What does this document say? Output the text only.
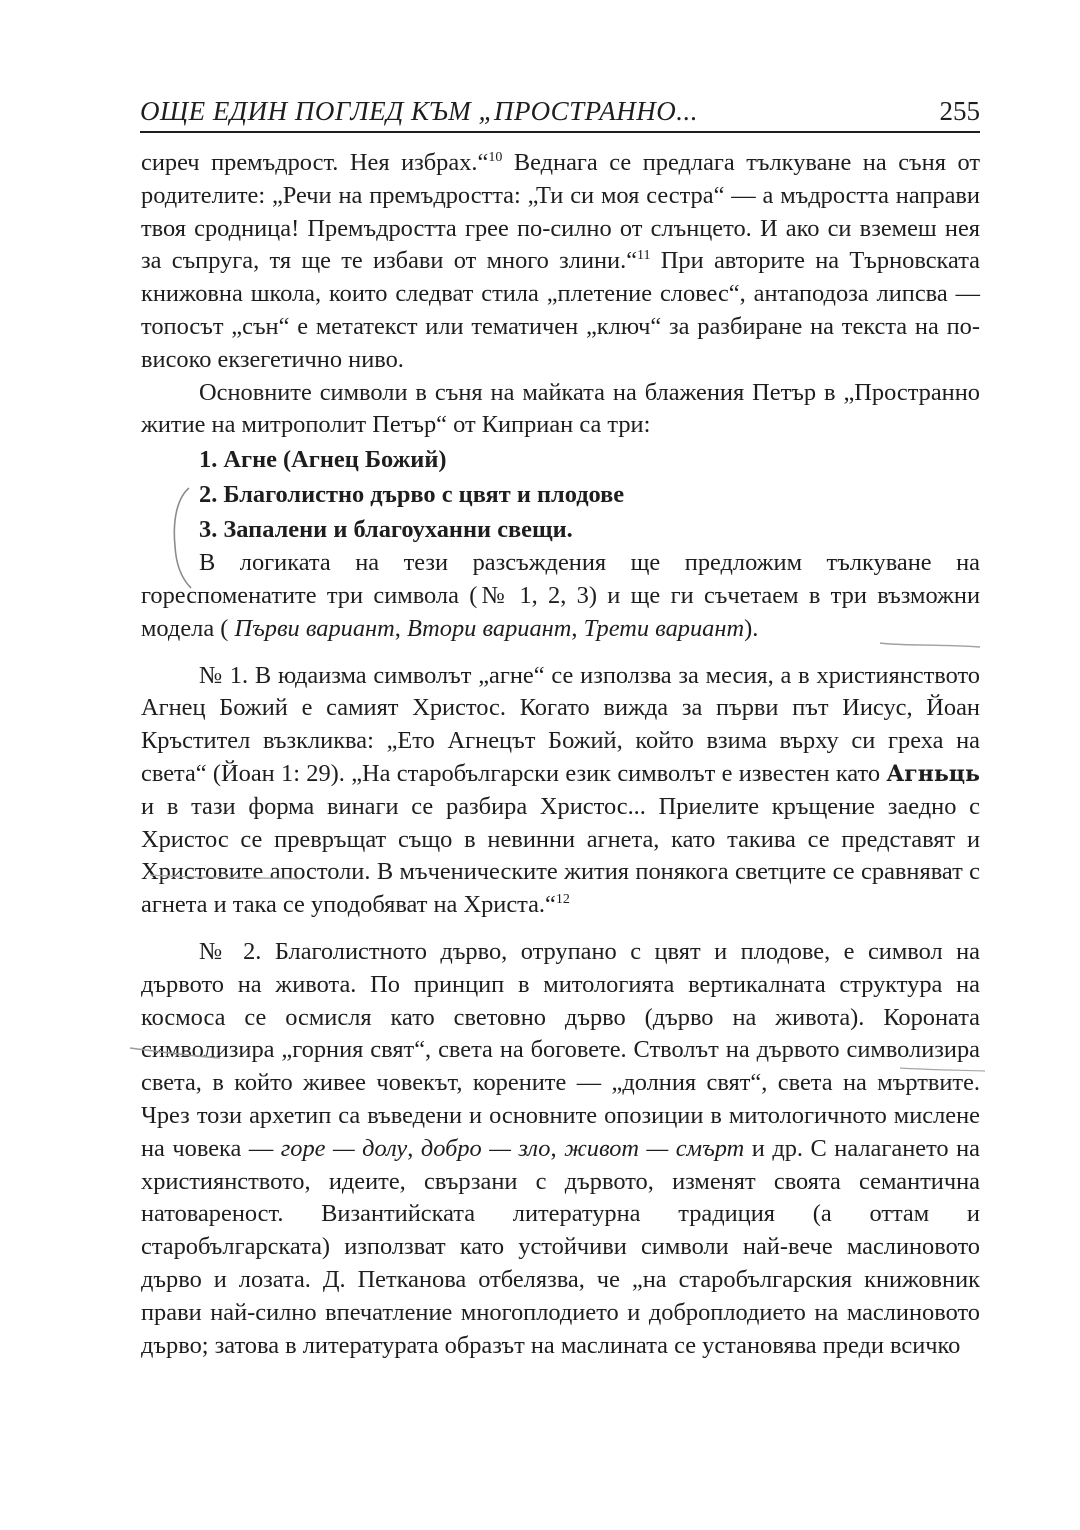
ОЩЕ ЕДИН ПОГЛЕД КЪМ „ПРОСТРАННО...	255

сиреч премъдрост. Нея избрах.“$^{10}$ Веднага се предлага тълкуване на съня от родителите: „Речи на премъдростта: „Ти си моя сестра“ — а мъдростта направи твоя сродница! Премъдростта грее по-силно от слънцето. И ако си вземеш нея за съпруга, тя ще те избави от много злини.“$^{11}$ При авторите на Търновската книжовна школа, които следват стила „плетение словес“, антаподоза липсва — топосът „сън“ е метатекст или тематичен „ключ“ за разбиране на текста на по-високо екзегетично ниво.

Основните символи в съня на майката на блажения Петър в „Пространно житие на митрополит Петър“ от Киприан са три:

1. Агне (Агнец Божий)
2. Благолистно дърво с цвят и плодове
3. Запалени и благоуханни свещи.

В логиката на тези разсъждения ще предложим тълкуване на гореспоменатите три символа (№ 1, 2, 3) и ще ги съчетаем в три възможни модела ( Първи вариант, Втори вариант, Трети вариант).

№ 1. В юдаизма символът „агне“ се използва за месия, а в християнството Агнец Божий е самият Христос. Когато вижда за първи път Иисус, Йоан Кръстител възкликва: „Ето Агнецът Божий, който взима върху си греха на света“ (Йоан 1: 29). „На старобългарски език символът е известен като Агньць и в тази форма винаги се разбира Христос... Приелите кръщение заедно с Христос се превръщат също в невинни агнета, като такива се представят и Христовите апостоли. В мъченическите жития понякога светците се сравняват с агнета и така се уподобяват на Христа.“$^{12}$

№ 2. Благолистното дърво, отрупано с цвят и плодове, е символ на дървото на живота. По принцип в митологията вертикалната структура на космоса се осмисля като световно дърво (дърво на живота). Короната символизира „горния свят“, света на боговете. Стволът на дървото символизира света, в който живее човекът, корените — „долния свят“, света на мъртвите. Чрез този архетип са въведени и основните опозиции в митологичното мислене на човека — горе — долу, добро — зло, живот — смърт и др. С налагането на християнството, идеите, свързани с дървото, изменят своята семантична натовареност. Византийската литературна традиция (а оттам и старобългарската) използват като устойчиви символи най-вече маслиновото дърво и лозата. Д. Петканова отбелязва, че „на старобългарския книжовник прави най-силно впечатление многоплодието и доброплодието на маслиновото дърво; затова в литературата образът на маслината се установява преди всичко
